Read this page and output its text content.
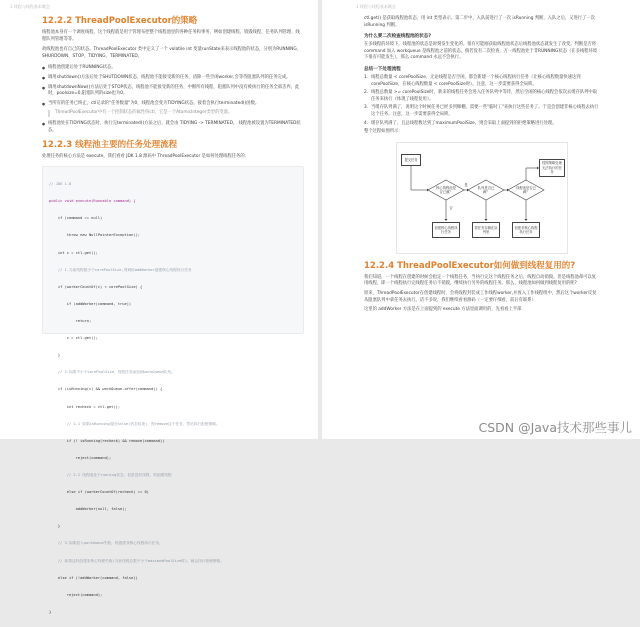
1 线程与线程基本概念
12.2.2 ThreadPoolExecutor的策略

线程池本身有一个调度线程，这个线程就是用于管理布控整个线程池里的各种任务和事务，例如创建线程、销毁线程、任务队列管理、线程队列管理等等。

故线程池也有自己的状态。ThreadPoolExecutor 类中定义了一个 volatile int 变量runState来表示线程池的状态，分别为RUNNING、SHURDOWN、STOP、TIDYING，TERMINATED。

● 线程池创建后处于RUNNING状态。
● 调用shutdown()方法后处于SHUTDOWN状态，线程池不能接受新的任务，清除一些空闲worker,会等待阻塞队列的任务完成。
● 调用shutdownNow()方法后处于STOP状态，线程池不能接受新的任务，中断所有线程，阻塞队列中没有被执行的任务全部丢弃。此时，poolsize=0,阻塞队列的size也为0。
● 当所有的任务已终止，ctl记录的"任务数量"为0，线程池会变为TIDYING状态。接着会执行terminated()函数。
ThreadPoolExecutor中有一个控制状态的属性叫ctl，它是一个AtomicInteger类型的变量。
● 线程池处在TIDYING状态时，执行完terminated()方法之后，就会由 TIDYING -> TERMINATED， 线程池被设置为TERMINATED状态。
12.2.3 线程池主要的任务处理流程

处理任务的核心方法是 execute，我们看看 JDK 1.8 源码中 ThreadPoolExecutor 是如何处理线程任务的：

// JDK 1.8

public void execute(Runnable command) {

if (command == null)

throw new NullPointerException();

int c = ctl.get();

// 1.当前线程数小于corePoolSize,则调用addWorker创建核心线程执行任务

if (workerCountOf(c) < corePoolSize) {

if (addWorker(command, true))

return;

c = ctl.get();

}

// 2.如果不小于corePoolSize，则将任务添加到workQueue队列。

if (isRunning(c) && workQueue.offer(command)) {

int recheck = ctl.get();

// 2.1 如果isRunning返回false(状态检查)，则remove这个任务，然后执行拒绝策略。

if (! isRunning(recheck) && remove(command))

reject(command);

// 2.2 线程池处于running状态，但是没有线程，则创建线程

else if (workerCountOf(recheck) == 0)

addWorker(null, false);

}

// 3.如果放入workQueue失败，则创建非核心线程执行任务，

// 如果这时创建非核心线程失败(当前线程总数不小于maximumPoolSize时)，就会执行拒绝策略。

else if (!addWorker(command, false))

reject(command);

}

1 线程与线程基本概念

ctl.get() 是获取线程池状态，用 int 类型表示。第二步中，入队前进行了一次 isRunning 判断，入队之后，又进行了一次 isRunning 判断。

为什么要二次检查线程池的状态?

在多线程的环境下，线程池的状态是时刻发生变化的。很有可能刚获取线程池状态后线程池状态就发生了改变。判断是否将 command 加入 workqueue 是线程池之前的状态。倘若没有二次检查，万一线程池处于非RUNNING状态（在多线程环境下很有可能发生），那么 command 永远不会执行。

总结一下处理流程
1. 线程总数量 < corePoolSize，无论线程是否空闲，都会新建一个核心线程执行任务（让核心线程数量快速达到corePoolSize，在核心线程数量 < corePoolSize时）。注意，这一步需要获得全局锁。
2. 线程总数量 >= corePoolSize时，新来的线程任务会进入任务队列中等待，然后空闲的核心线程会依次去缓存队列中取任务来执行（体现了线程复用）。
3. 当缓存队列满了，说明这个时候任务已经多到爆棚，需要一些"临时工"来执行这些任务了。于是会创建非核心线程去执行这个任务。注意，这一步需要获得全局锁。
4. 缓存队列满了，且总线程数达到了maximumPoolSize，则会采取上面提到的拒绝策略进行处理。

整个过程如图所示：

提交任务
核心线程池是否已满？
队列是否已满？
线程池是否已满？
创建核心线程执行任务
将任务存储在队列里
创建非核心线程执行任务
按照策略处理无法执行的任务
否
是
12.2.4 ThreadPoolExecutor如何做到线程复用的?

我们知道，一个线程在创建的时候会指定一个线程任务，当执行完这个线程任务之后，线程自动销毁。但是线程池却可以复用线程，即一个线程执行完线程任务后不销毁，继续执行另外的线程任务。那么，线程池如何做到线程复用的呢?

原来，ThreadPoolExecutor在创建线程时，会将线程封装成工作线程worker,并放入工作线程组中，然后这个worker反复从阻塞队列中拿任务去执行。话不多说，我们继续看看源码（一定要仔细看，前后有联系）

这里的 addWorker 方法是在上面提到的 execute 方法里面调用的，先看看上半部

CSDN @Java技术那些事儿
